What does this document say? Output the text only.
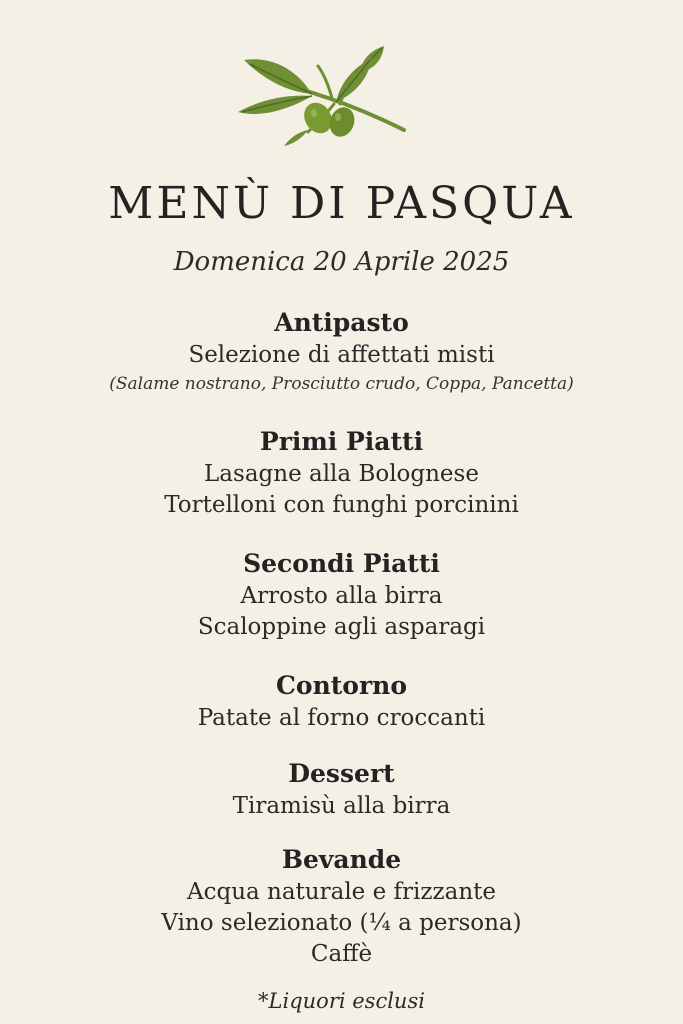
MENÙ DI PASQUA
Domenica 20 Aprile 2025
Antipasto
Selezione di affettati misti
(Salame nostrano, Prosciutto crudo, Coppa, Pancetta)
Primi Piatti
Lasagne alla Bolognese
Tortelloni con funghi porcinini
Secondi Piatti
Arrosto alla birra
Scaloppine agli asparagi
Contorno
Patate al forno croccanti
Dessert
Tiramisù alla birra
Bevande
Acqua naturale e frizzante
Vino selezionato (¼ a persona)
Caffè
*Liquori esclusi
